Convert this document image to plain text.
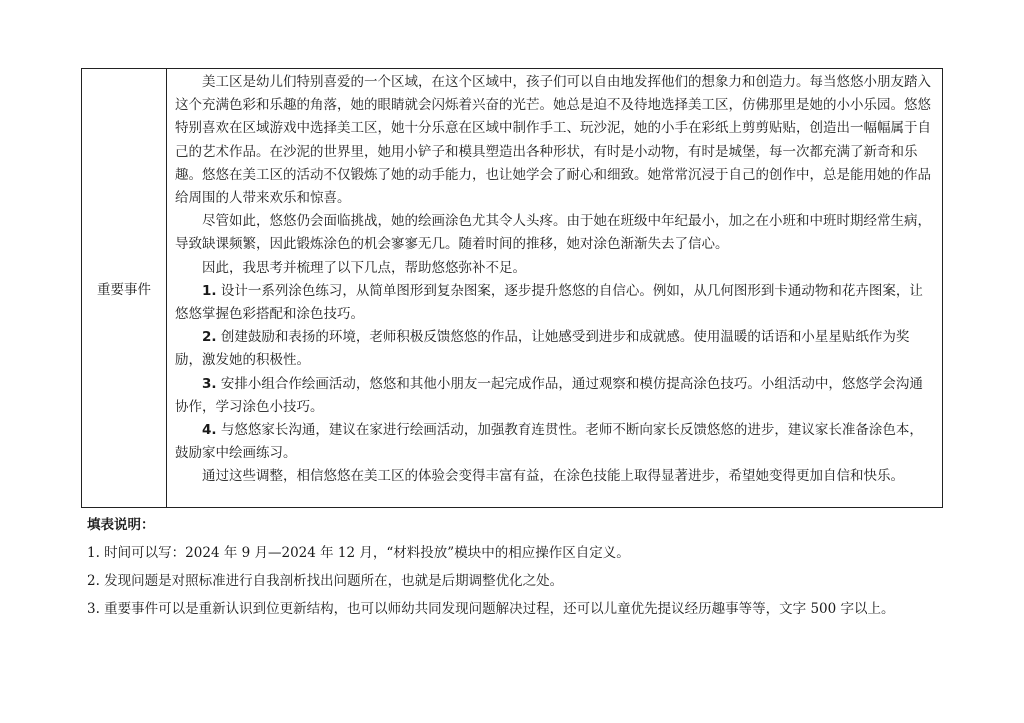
重要事件

美工区是幼儿们特别喜爱的一个区域，在这个区域中，孩子们可以自由地发挥他们的想象力和创造力。每当悠悠小朋友踏入这个充满色彩和乐趣的角落，她的眼睛就会闪烁着兴奋的光芒。她总是迫不及待地选择美工区，仿佛那里是她的小小乐园。悠悠特别喜欢在区域游戏中选择美工区，她十分乐意在区域中制作手工、玩沙泥，她的小手在彩纸上剪剪贴贴，创造出一幅幅属于自己的艺术作品。在沙泥的世界里，她用小铲子和模具塑造出各种形状，有时是小动物，有时是城堡，每一次都充满了新奇和乐趣。悠悠在美工区的活动不仅锻炼了她的动手能力，也让她学会了耐心和细致。她常常沉浸于自己的创作中，总是能用她的作品给周围的人带来欢乐和惊喜。

尽管如此，悠悠仍会面临挑战，她的绘画涂色尤其令人头疼。由于她在班级中年纪最小，加之在小班和中班时期经常生病，导致缺课频繁，因此锻炼涂色的机会寥寥无几。随着时间的推移，她对涂色渐渐失去了信心。

因此，我思考并梳理了以下几点，帮助悠悠弥补不足。

1. 设计一系列涂色练习，从简单图形到复杂图案，逐步提升悠悠的自信心。例如，从几何图形到卡通动物和花卉图案，让悠悠掌握色彩搭配和涂色技巧。

2. 创建鼓励和表扬的环境，老师积极反馈悠悠的作品，让她感受到进步和成就感。使用温暖的话语和小星星贴纸作为奖励，激发她的积极性。

3. 安排小组合作绘画活动，悠悠和其他小朋友一起完成作品，通过观察和模仿提高涂色技巧。小组活动中，悠悠学会沟通协作，学习涂色小技巧。

4. 与悠悠家长沟通，建议在家进行绘画活动，加强教育连贯性。老师不断向家长反馈悠悠的进步，建议家长准备涂色本，鼓励家中绘画练习。

通过这些调整，相信悠悠在美工区的体验会变得丰富有益，在涂色技能上取得显著进步，希望她变得更加自信和快乐。

填表说明：
1. 时间可以写：2024 年 9 月—2024 年 12 月，“材料投放”模块中的相应操作区自定义。
2. 发现问题是对照标准进行自我剖析找出问题所在，也就是后期调整优化之处。
3. 重要事件可以是重新认识到位更新结构，也可以师幼共同发现问题解决过程，还可以儿童优先提议经历趣事等等，文字 500 字以上。
